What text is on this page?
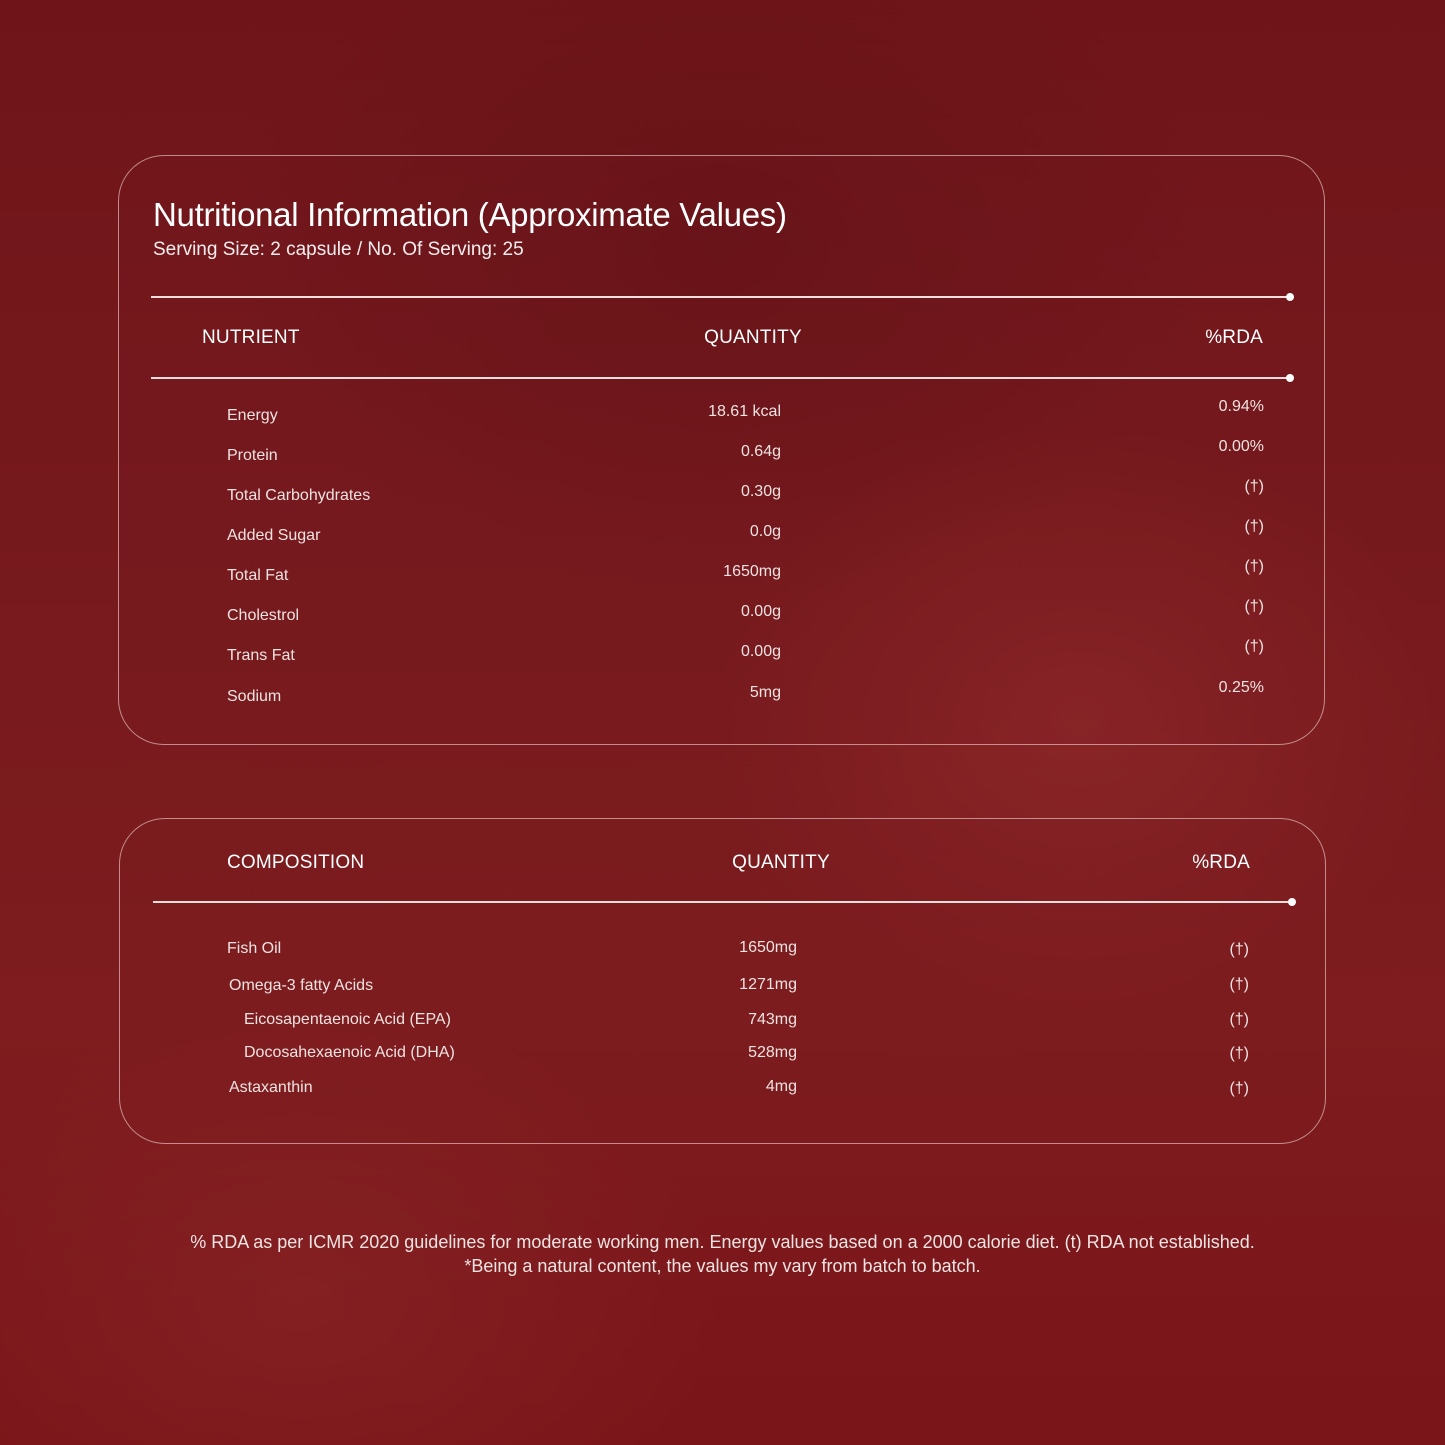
Nutritional Information (Approximate Values)
Serving Size: 2 capsule / No. Of Serving: 25
NUTRIENT	QUANTITY	%RDA
Energy	18.61 kcal	0.94%
Protein	0.64g	0.00%
Total Carbohydrates	0.30g	(†)
Added Sugar	0.0g	(†)
Total Fat	1650mg	(†)
Cholestrol	0.00g	(†)
Trans Fat	0.00g	(†)
Sodium	5mg	0.25%
COMPOSITION	QUANTITY	%RDA
Fish Oil	1650mg	(†)
Omega-3 fatty Acids	1271mg	(†)
Eicosapentaenoic Acid (EPA)	743mg	(†)
Docosahexaenoic Acid (DHA)	528mg	(†)
Astaxanthin	4mg	(†)
% RDA as per ICMR 2020 guidelines for moderate working men. Energy values based on a 2000 calorie diet. (t) RDA not established.
*Being a natural content, the values my vary from batch to batch.
